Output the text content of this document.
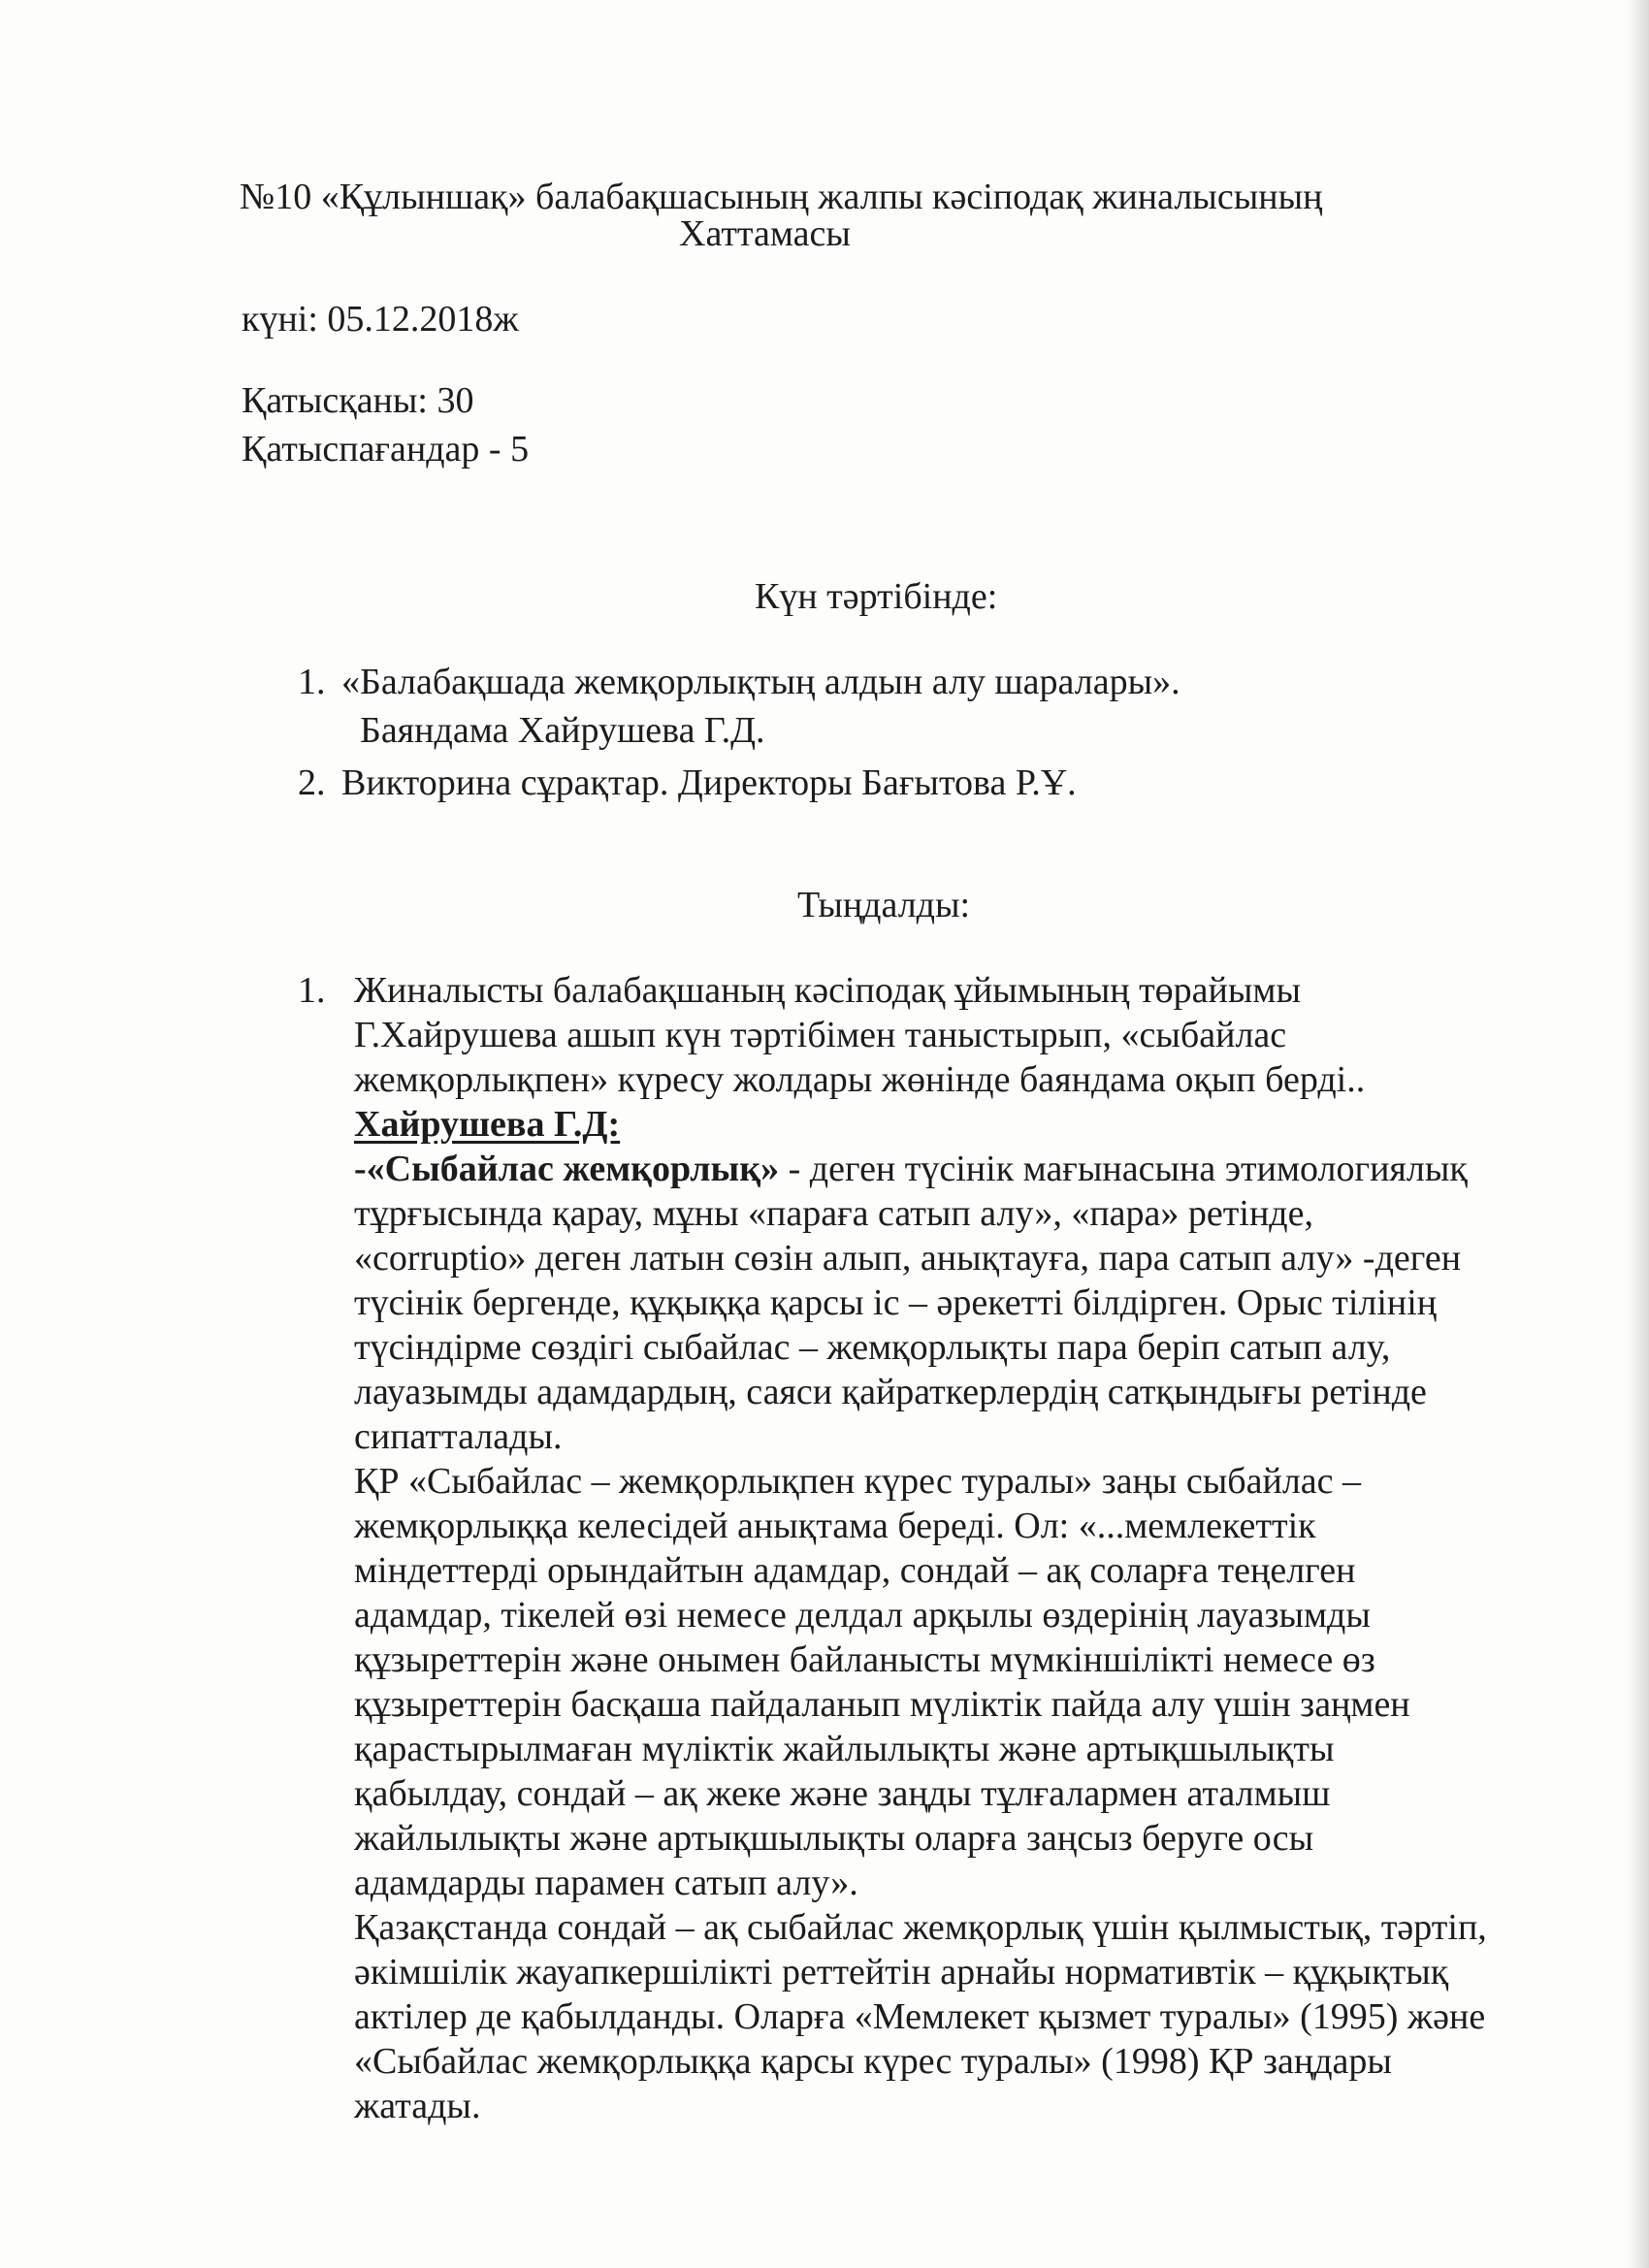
№10 «Құлыншақ» балабақшасының жалпы кәсіподақ жиналысының
Хаттамасы
күні: 05.12.2018ж
Қатысқаны: 30
Қатыспағандар - 5
Күн тәртібінде:
1. «Балабақшада жемқорлықтың алдын алу шаралары».
Баяндама Хайрушева Г.Д.
2. Викторина сұрақтар. Директоры Бағытова Р.Ұ.
Тыңдалды:
1. Жиналысты балабақшаның кәсіподақ ұйымының төрайымы
Г.Хайрушева ашып күн тәртібімен таныстырып, «сыбайлас
жемқорлықпен» күресу жолдары жөнінде баяндама оқып берді..
Хайрушева Г.Д:
-«Сыбайлас жемқорлық» - деген түсінік мағынасына этимологиялық
тұрғысында қарау, мұны «параға сатып алу», «пара» ретінде,
«corruptio» деген латын сөзін алып, анықтауға, пара сатып алу» -деген
түсінік бергенде, құқыққа қарсы іс – әрекетті білдірген. Орыс тілінің
түсіндірме сөздігі сыбайлас – жемқорлықты пара беріп сатып алу,
лауазымды адамдардың, саяси қайраткерлердің сатқындығы ретінде
сипатталады.
ҚР «Сыбайлас – жемқорлықпен күрес туралы» заңы сыбайлас –
жемқорлыққа келесідей анықтама береді. Ол: «...мемлекеттік
міндеттерді орындайтын адамдар, сондай – ақ соларға теңелген
адамдар, тікелей өзі немесе делдал арқылы өздерінің лауазымды
құзыреттерін және онымен байланысты мүмкіншілікті немесе өз
құзыреттерін басқаша пайдаланып мүліктік пайда алу үшін заңмен
қарастырылмаған мүліктік жайлылықты және артықшылықты
қабылдау, сондай – ақ жеке және заңды тұлғалармен аталмыш
жайлылықты және артықшылықты оларға заңсыз беруге осы
адамдарды парамен сатып алу».
Қазақстанда сондай – ақ сыбайлас жемқорлық үшін қылмыстық, тәртіп,
әкімшілік жауапкершілікті реттейтін арнайы нормативтік – құқықтық
актілер де қабылданды. Оларға «Мемлекет қызмет туралы» (1995) және
«Сыбайлас жемқорлыққа қарсы күрес туралы» (1998) ҚР заңдары
жатады.
